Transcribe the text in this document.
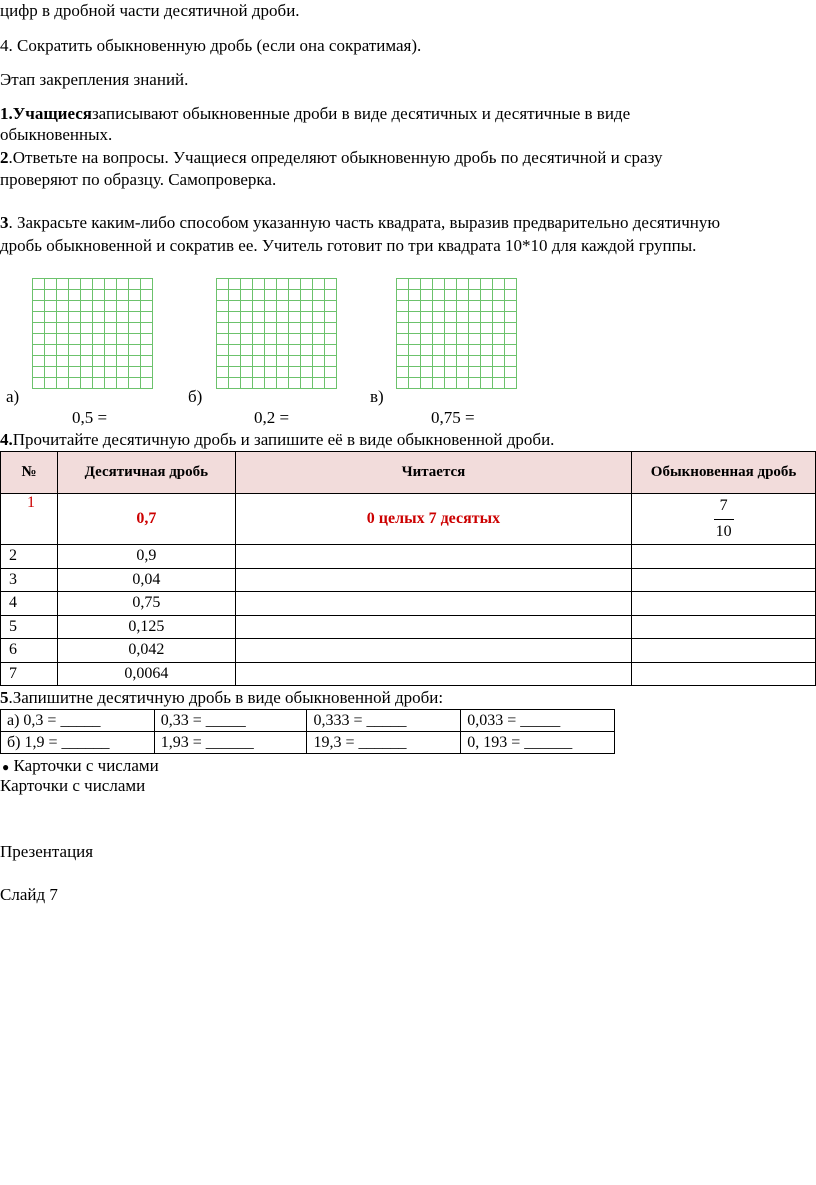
цифр в дробной части десятичной дроби.

4. Сократить обыкновенную дробь (если она сократимая).

Этап закрепления знаний.

1.Учащиесязаписывают обыкновенные дроби в виде десятичных и десятичные в виде

обыкновенных.

2.Ответьте на вопросы. Учащиеся определяют обыкновенную дробь по десятичной и сразу

проверяют по образцу. Самопроверка.

3. Закрасьте каким-либо способом указанную часть квадрата, выразив предварительно десятичную

дробь обыкновенной и сократив ее. Учитель готовит по три квадрата 10*10 для каждой группы.

а)	б)	в)

0,5 =	0,2 =	0,75 =

4.Прочитайте десятичную дробь и запишите её в виде обыкновенной дроби.

№	Десятичная дробь	Читается	Обыкновенная дробь
1	0,7	0 целых 7 десятых	$\frac{7}{10}$

2	0,9		
3	0,04		
4	0,75		
5	0,125		
6	0,042		
7	0,0064		

5.Запишитне десятичную дробь в виде обыкновенной дроби:

а) 0,3 = _____	0,33 = _____	0,333 = _____	0,033 = _____
б) 1,9 = ______	1,93 = ______	19,3 = ______	0, 193 = ______

● Карточки с числами

Карточки с числами

Презентация

Слайд 7
